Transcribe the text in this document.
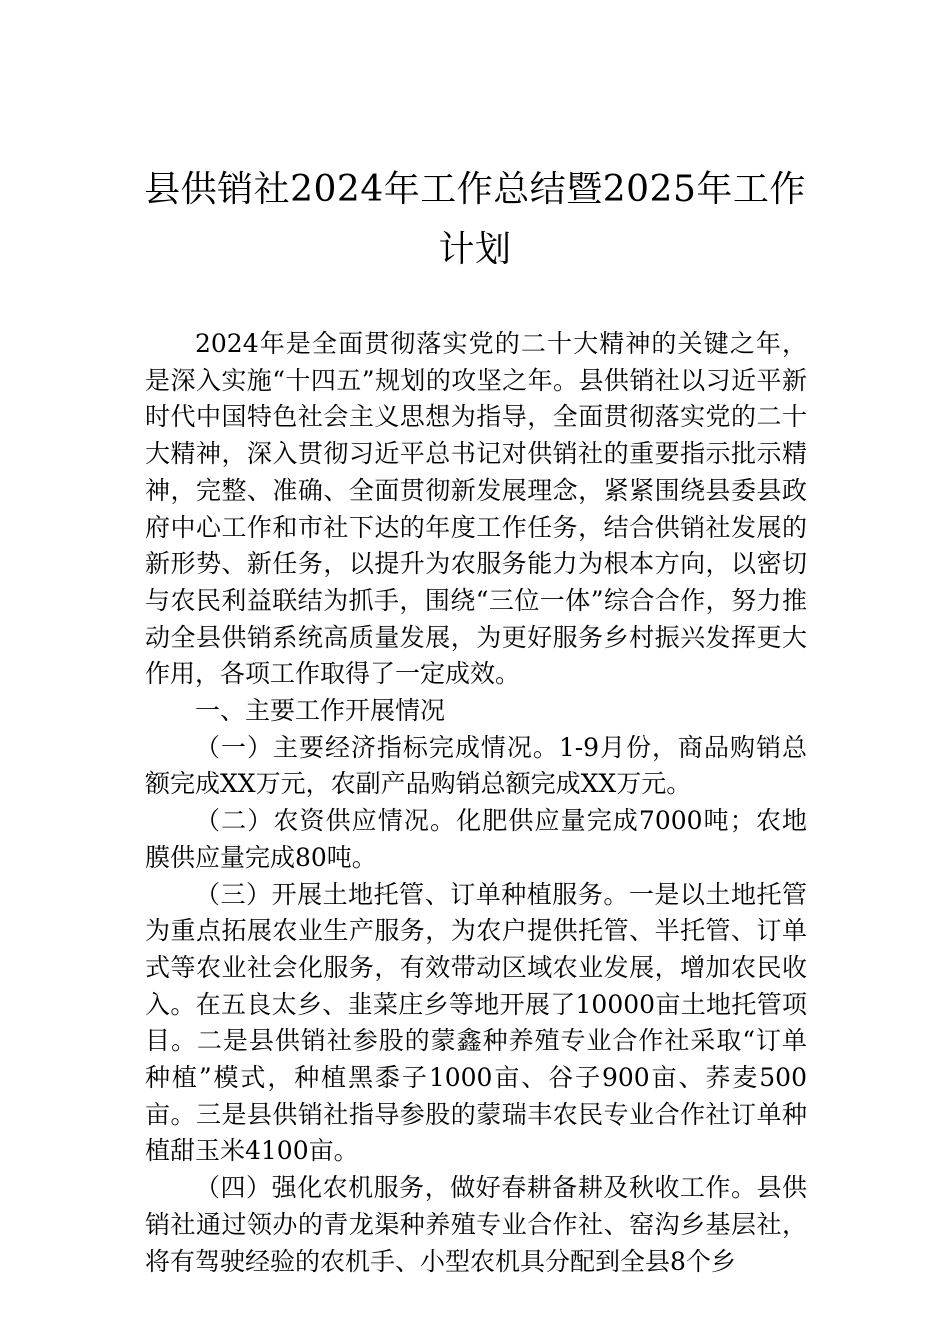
县供销社2024年工作总结暨2025年工作计划

2024年是全面贯彻落实党的二十大精神的关键之年，是深入实施“十四五”规划的攻坚之年。县供销社以习近平新时代中国特色社会主义思想为指导，全面贯彻落实党的二十大精神，深入贯彻习近平总书记对供销社的重要指示批示精神，完整、准确、全面贯彻新发展理念，紧紧围绕县委县政府中心工作和市社下达的年度工作任务，结合供销社发展的新形势、新任务，以提升为农服务能力为根本方向，以密切与农民利益联结为抓手，围绕“三位一体”综合合作，努力推动全县供销系统高质量发展，为更好服务乡村振兴发挥更大作用，各项工作取得了一定成效。

一、主要工作开展情况

（一）主要经济指标完成情况。1-9月份，商品购销总额完成XX万元，农副产品购销总额完成XX万元。

（二）农资供应情况。化肥供应量完成7000吨；农地膜供应量完成80吨。

（三）开展土地托管、订单种植服务。一是以土地托管为重点拓展农业生产服务，为农户提供托管、半托管、订单式等农业社会化服务，有效带动区域农业发展，增加农民收入。在五良太乡、韭菜庄乡等地开展了10000亩土地托管项目。二是县供销社参股的蒙鑫种养殖专业合作社采取“订单种植”模式，种植黑黍子1000亩、谷子900亩、荞麦500亩。三是县供销社指导参股的蒙瑞丰农民专业合作社订单种植甜玉米4100亩。

（四）强化农机服务，做好春耕备耕及秋收工作。县供销社通过领办的青龙渠种养殖专业合作社、窑沟乡基层社，将有驾驶经验的农机手、小型农机具分配到全县8个乡
